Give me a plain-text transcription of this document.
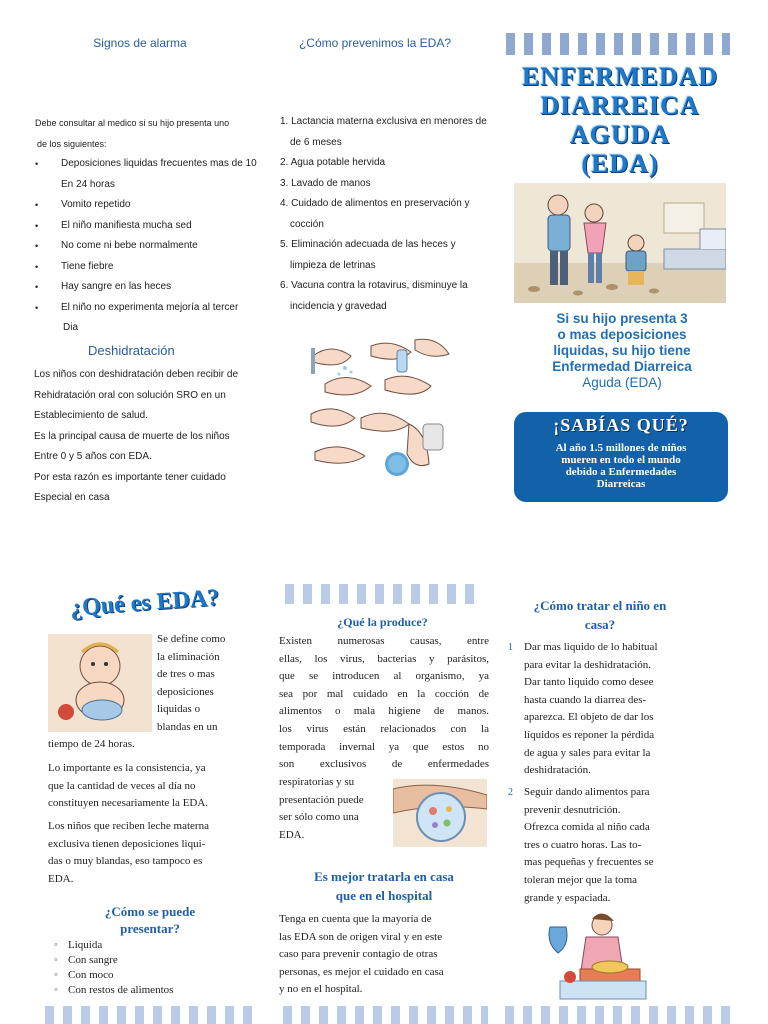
Signos de alarma
Debe consultar al medico si su hijo presenta uno
de los siguientes:
• Deposiciones liquidas frecuentes mas de 10
En 24 horas
• Vomito repetido
• El niño manifiesta mucha sed
• No come ni bebe normalmente
• Tiene fiebre
• Hay sangre en las heces
• El niño no experimenta mejoría al tercer
Dia
Deshidratación
Los niños con deshidratación deben recibir de
Rehidratación oral con solución SRO en un
Establecimiento de salud.
Es la principal causa de muerte de los niños
Entre 0 y 5 años con EDA.
Por esta razón es importante tener cuidado
Especial en casa
¿Cómo prevenimos la EDA?
1. Lactancia materna exclusiva en menores de
de 6 meses
2. Agua potable hervida
3. Lavado de manos
4. Cuidado de alimentos en preservación y
cocción
5. Eliminación adecuada de las heces y
limpieza de letrinas
6. Vacuna contra la rotavirus, disminuye la
incidencia y gravedad
ENFERMEDAD
DIARREICA
AGUDA
(EDA)
Si su hijo presenta 3
o mas deposiciones
liquidas, su hijo tiene
Enfermedad Diarreica
Aguda (EDA)
¡SABÍAS QUÉ?
Al año 1.5 millones de niños
mueren en todo el mundo
debido a Enfermedades
Diarreicas
¿Qué es EDA?
Se define como
la eliminación
de tres o mas
deposiciones
liquidas o
blandas en un
tiempo de 24 horas.
Lo importante es la consistencia, ya
que la cantidad de veces al día no
constituyen necesariamente la EDA.
Los niños que reciben leche materna
exclusiva tienen deposiciones liqui-
das o muy blandas, eso tampoco es
EDA.
¿Cómo se puede
presentar?
◦ Liquida
◦ Con sangre
◦ Con moco
◦ Con restos de alimentos
¿Qué la produce?
Existen numerosas causas, entre
ellas, los virus, bacterias y parásitos,
que se introducen al organismo, ya
sea por mal cuidado en la cocción de
alimentos o mala higiene de manos.
los virus están relacionados con la
temporada invernal ya que estos no
son exclusivos de enfermedades
respiratorias y su
presentación puede
ser sólo como una
EDA.
Es mejor tratarla en casa
que en el hospital
Tenga en cuenta que la mayoría de
las EDA son de origen viral y en este
caso para prevenir contagio de otras
personas, es mejor el cuidado en casa
y no en el hospital.
¿Cómo tratar el niño en
casa?
1 Dar mas liquido de lo habitual
para evitar la deshidratación.
Dar tanto liquido como desee
hasta cuando la diarrea des-
aparezca. El objeto de dar los
líquidos es reponer la pérdida
de agua y sales para evitar la
deshidratación.
2 Seguir dando alimentos para
prevenir desnutrición.
Ofrezca comida al niño cada
tres o cuatro horas. Las to-
mas pequeñas y frecuentes se
toleran mejor que la toma
grande y espaciada.
